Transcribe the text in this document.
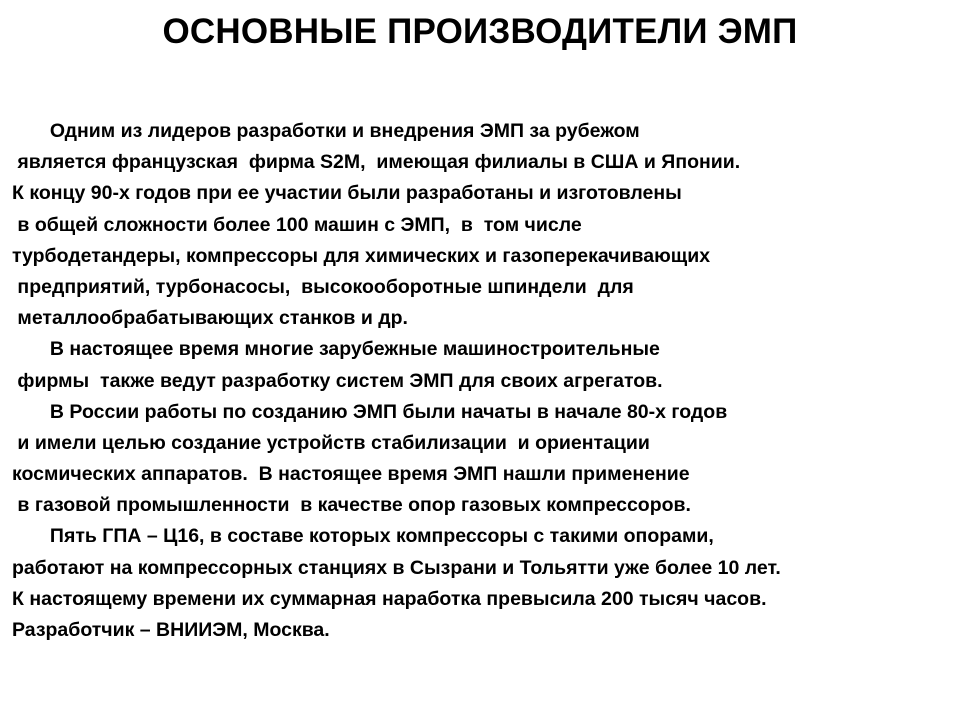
ОСНОВНЫЕ ПРОИЗВОДИТЕЛИ ЭМП
Одним из лидеров разработки и внедрения ЭМП за рубежом
является французская  фирма S2M,  имеющая филиалы в США и Японии.
К концу 90-х годов при ее участии были разработаны и изготовлены
в общей сложности более 100 машин с ЭМП,  в  том числе
турбодетандеры, компрессоры для химических и газоперекачивающих
предприятий, турбонасосы,  высокооборотные шпиндели  для
металлообрабатывающих станков и др.
В настоящее время многие зарубежные машиностроительные
фирмы  также ведут разработку систем ЭМП для своих агрегатов.
В России работы по созданию ЭМП были начаты в начале 80-х годов
и имели целью создание устройств стабилизации  и ориентации
космических аппаратов.  В настоящее время ЭМП нашли применение
в газовой промышленности  в качестве опор газовых компрессоров.
Пять ГПА – Ц16, в составе которых компрессоры с такими опорами,
работают на компрессорных станциях в Сызрани и Тольятти уже более 10 лет.
К настоящему времени их суммарная наработка превысила 200 тысяч часов.
Разработчик – ВНИИЭМ, Москва.
